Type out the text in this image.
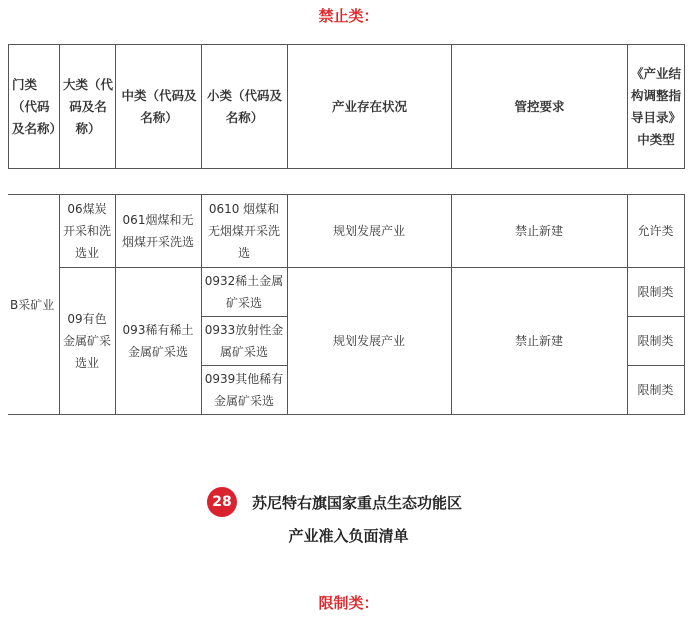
禁止类：
门类（代码及名称）	大类（代码及名称）	中类（代码及名称）	小类（代码及名称）	产业存在状况	管控要求	《产业结构调整指导目录》中类型
B采矿业	06煤炭开采和洗选业	061烟煤和无烟煤开采洗选	0610 烟煤和无烟煤开采洗选	规划发展产业	禁止新建	允许类
	09有色金属矿采选业	093稀有稀土金属矿采选	0932稀土金属矿采选	规划发展产业	禁止新建	限制类
			0933放射性金属矿采选			限制类
			0939其他稀有金属矿采选			限制类
28	苏尼特右旗国家重点生态功能区
产业准入负面清单
限制类：
